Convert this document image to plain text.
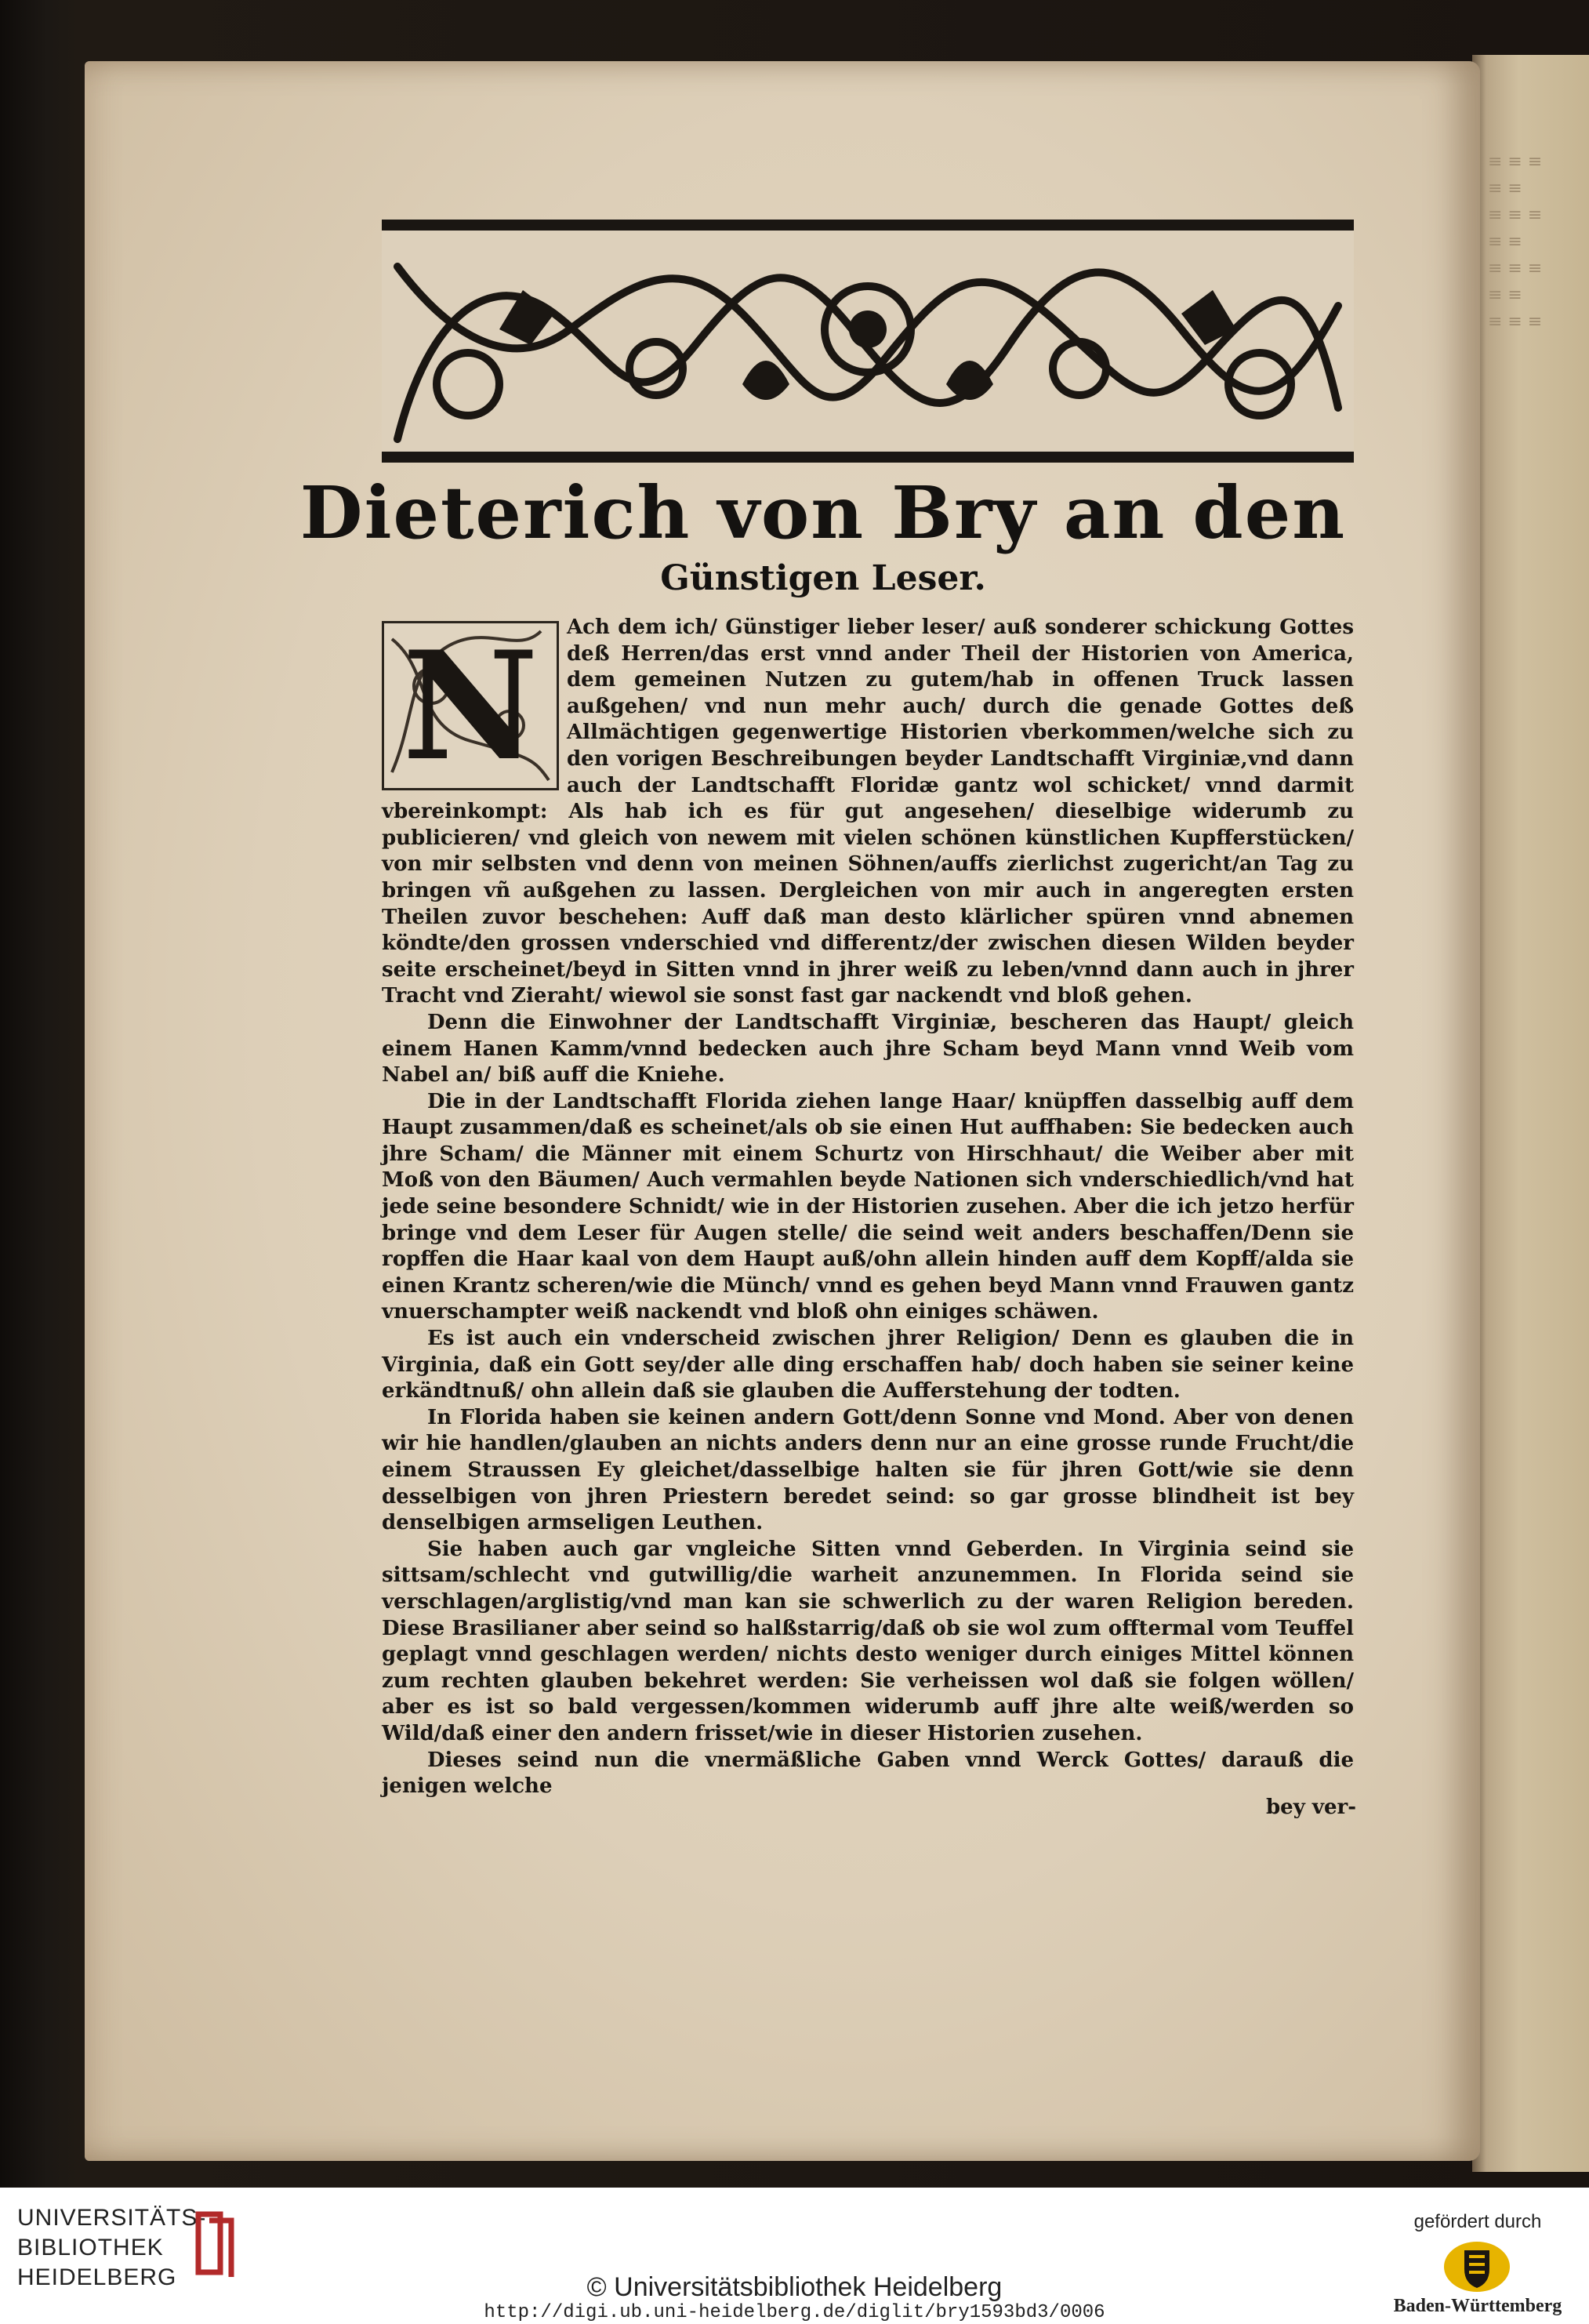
≡ ≡ ≡
≡ ≡
≡ ≡ ≡
≡ ≡
≡ ≡ ≡
≡ ≡
≡ ≡ ≡
Dieterich von Bry an den
Günstigen Leser.
N	Ach dem ich/ Günstiger lieber leser/ auß sonderer schickung Gottes deß Herren/das erst vnnd ander Theil der Historien von America, dem gemeinen Nutzen zu gutem/hab in offenen Truck lassen außgehen/ vnd nun mehr auch/ durch die genade Gottes deß Allmächtigen gegenwertige Historien vberkommen/welche sich zu den vorigen Beschreibungen beyder Landtschafft Virginiæ,vnd dann auch der Landtschafft Floridæ gantz wol schicket/ vnnd darmit vbereinkompt: Als hab ich es für gut angesehen/ dieselbige widerumb zu publicieren/ vnd gleich von newem mit vielen schönen künstlichen Kupfferstücken/ von mir selbsten vnd denn von meinen Söhnen/auffs zierlichst zugericht/an Tag zu bringen vñ außgehen zu lassen. Dergleichen von mir auch in angeregten ersten Theilen zuvor beschehen: Auff daß man desto klärlicher spüren vnnd abnemen köndte/den grossen vnderschied vnd differentz/der zwischen diesen Wilden beyder seite erscheinet/beyd in Sitten vnnd in jhrer weiß zu leben/vnnd dann auch in jhrer Tracht vnd Zieraht/ wiewol sie sonst fast gar nackendt vnd bloß gehen.

Denn die Einwohner der Landtschafft Virginiæ, bescheren das Haupt/ gleich einem Hanen Kamm/vnnd bedecken auch jhre Scham beyd Mann vnnd Weib vom Nabel an/ biß auff die Kniehe.

Die in der Landtschafft Florida ziehen lange Haar/ knüpffen dasselbig auff dem Haupt zusammen/daß es scheinet/als ob sie einen Hut auffhaben: Sie bedecken auch jhre Scham/ die Männer mit einem Schurtz von Hirschhaut/ die Weiber aber mit Moß von den Bäumen/ Auch vermahlen beyde Nationen sich vnderschiedlich/vnd hat jede seine besondere Schnidt/ wie in der Historien zusehen. Aber die ich jetzo herfür bringe vnd dem Leser für Augen stelle/ die seind weit anders beschaffen/Denn sie ropffen die Haar kaal von dem Haupt auß/ohn allein hinden auff dem Kopff/alda sie einen Krantz scheren/wie die Münch/ vnnd es gehen beyd Mann vnnd Frauwen gantz vnuerschampter weiß nackendt vnd bloß ohn einiges schäwen.

Es ist auch ein vnderscheid zwischen jhrer Religion/ Denn es glauben die in Virginia, daß ein Gott sey/der alle ding erschaffen hab/ doch haben sie seiner keine erkändtnuß/ ohn allein daß sie glauben die Aufferstehung der todten.

In Florida haben sie keinen andern Gott/denn Sonne vnd Mond. Aber von denen wir hie handlen/glauben an nichts anders denn nur an eine grosse runde Frucht/die einem Straussen Ey gleichet/dasselbige halten sie für jhren Gott/wie sie denn desselbigen von jhren Priestern beredet seind: so gar grosse blindheit ist bey denselbigen armseligen Leuthen.

Sie haben auch gar vngleiche Sitten vnnd Geberden. In Virginia seind sie sittsam/schlecht vnd gutwillig/die warheit anzunemmen. In Florida seind sie verschlagen/arglistig/vnd man kan sie schwerlich zu der waren Religion bereden. Diese Brasilianer aber seind so halßstarrig/daß ob sie wol zum offtermal vom Teuffel geplagt vnnd geschlagen werden/ nichts desto weniger durch einiges Mittel können zum rechten glauben bekehret werden: Sie verheissen wol daß sie folgen wöllen/ aber es ist so bald vergessen/kommen widerumb auff jhre alte weiß/werden so Wild/daß einer den andern frisset/wie in dieser Historien zusehen.

Dieses seind nun die vnermäßliche Gaben vnnd Werck Gottes/ darauß die jenigen welche

bey ver-
UNIVERSITÄTS-
BIBLIOTHEK
HEIDELBERG	© Universitätsbibliothek Heidelberg
http://digi.ub.uni-heidelberg.de/diglit/bry1593bd3/0006
gefördert durch
Baden-Württemberg
